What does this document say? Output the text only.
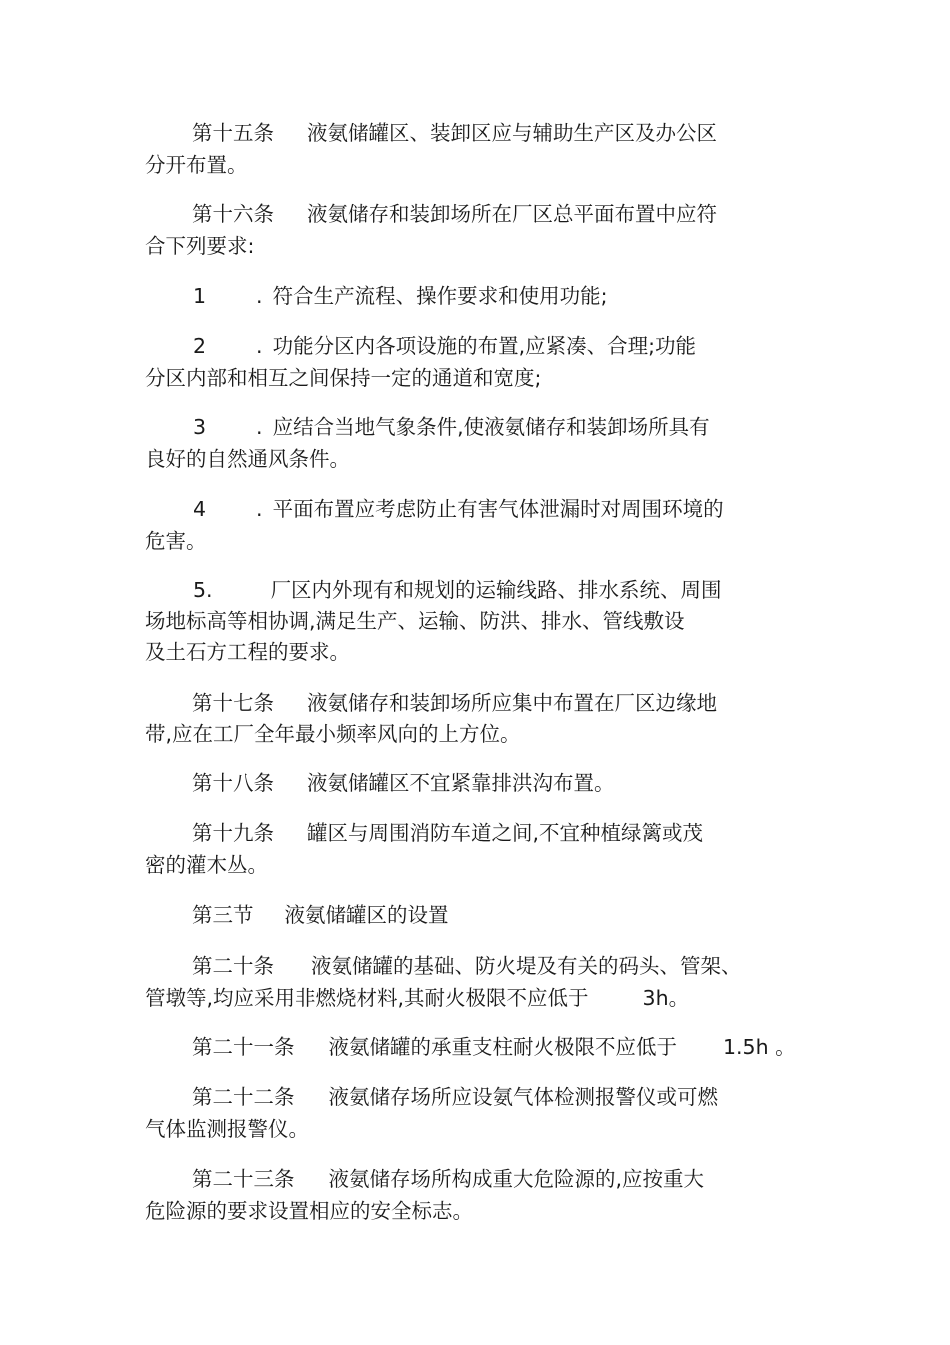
第十五条 液氨储罐区、装卸区应与辅助生产区及办公区
分开布置。
第十六条 液氨储存和装卸场所在厂区总平面布置中应符
合下列要求:
1 . 符合生产流程、操作要求和使用功能;
2 . 功能分区内各项设施的布置,应紧凑、合理;功能
分区内部和相互之间保持一定的通道和宽度;
3 . 应结合当地气象条件,使液氨储存和装卸场所具有
良好的自然通风条件。
4 . 平面布置应考虑防止有害气体泄漏时对周围环境的
危害。
5.	厂区内外现有和规划的运输线路、排水系统、周围
场地标高等相协调,满足生产、运输、防洪、排水、管线敷设
及土石方工程的要求。
第十七条 液氨储存和装卸场所应集中布置在厂区边缘地
带,应在工厂全年最小频率风向的上方位。
第十八条 液氨储罐区不宜紧靠排洪沟布置。
第十九条 罐区与周围消防车道之间,不宜种植绿篱或茂
密的灌木丛。
第三节 液氨储罐区的设置
第二十条 液氨储罐的基础、防火堤及有关的码头、管架、
管墩等,均应采用非燃烧材料,其耐火极限不应低于	3h。
第二十一条 液氨储罐的承重支柱耐火极限不应低于 1.5h 。
第二十二条 液氨储存场所应设氨气体检测报警仪或可燃
气体监测报警仪。
第二十三条 液氨储存场所构成重大危险源的,应按重大
危险源的要求设置相应的安全标志。
